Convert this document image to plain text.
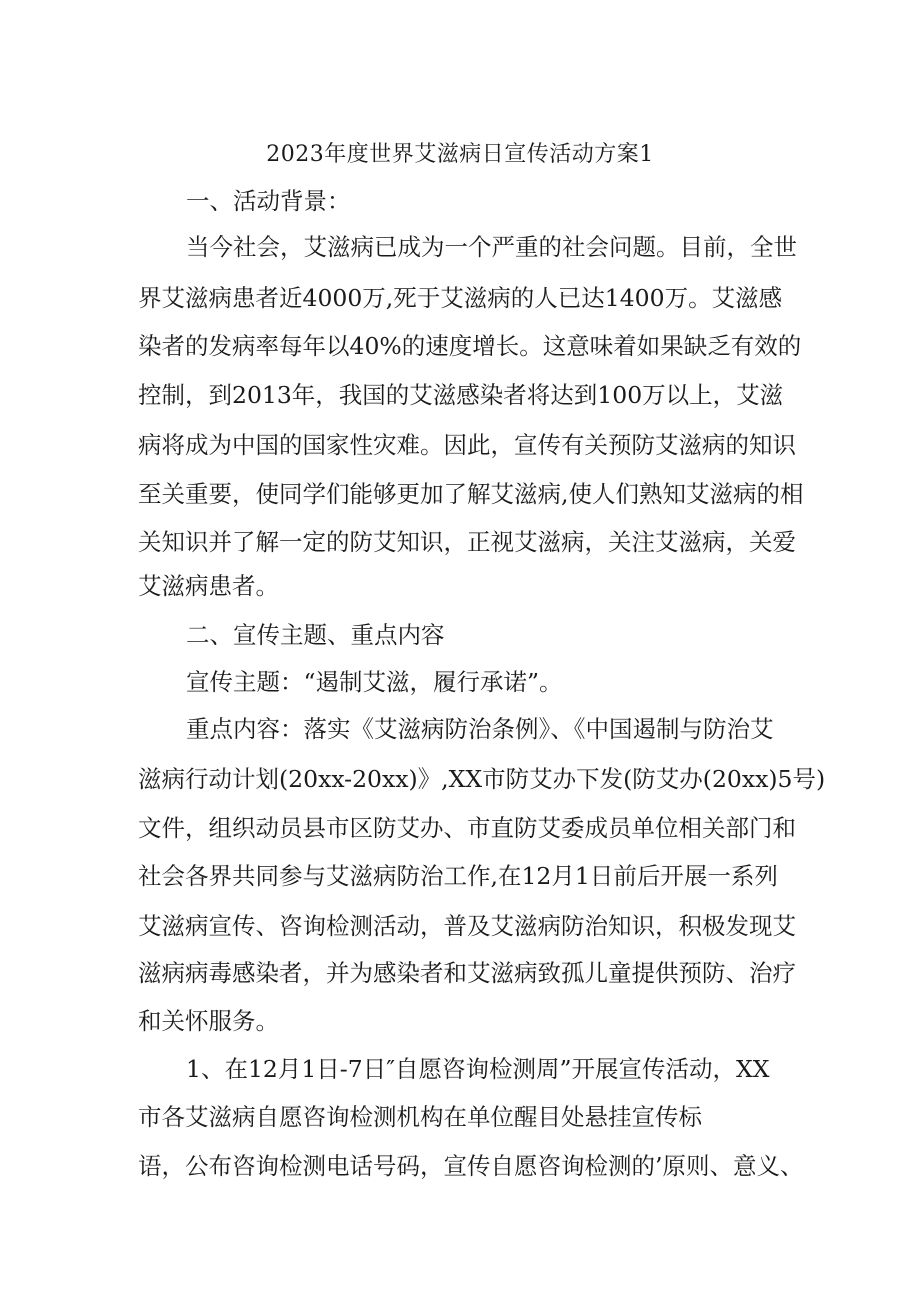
2023年度世界艾滋病日宣传活动方案1
一、活动背景：
当今社会，艾滋病已成为一个严重的社会问题。目前，全世
界艾滋病患者近4000万,死于艾滋病的人已达1400万。艾滋感
染者的发病率每年以40%的速度增长。这意味着如果缺乏有效的
控制，到2013年，我国的艾滋感染者将达到100万以上，艾滋
病将成为中国的国家性灾难。因此，宣传有关预防艾滋病的知识
至关重要，使同学们能够更加了解艾滋病,使人们熟知艾滋病的相
关知识并了解一定的防艾知识，正视艾滋病，关注艾滋病，关爱
艾滋病患者。
二、宣传主题、重点内容
宣传主题：“遏制艾滋，履行承诺”。
重点内容：落实《艾滋病防治条例》、《中国遏制与防治艾
滋病行动计划(20xx-20xx)》,XX市防艾办下发(防艾办(20xx)5号)
文件，组织动员县市区防艾办、市直防艾委成员单位相关部门和
社会各界共同参与艾滋病防治工作,在12月1日前后开展一系列
艾滋病宣传、咨询检测活动，普及艾滋病防治知识，积极发现艾
滋病病毒感染者，并为感染者和艾滋病致孤儿童提供预防、治疗
和关怀服务。
1、在12月1日-7日″自愿咨询检测周”开展宣传活动，XX
市各艾滋病自愿咨询检测机构在单位醒目处悬挂宣传标
语，公布咨询检测电话号码，宣传自愿咨询检测的’原则、意义、
